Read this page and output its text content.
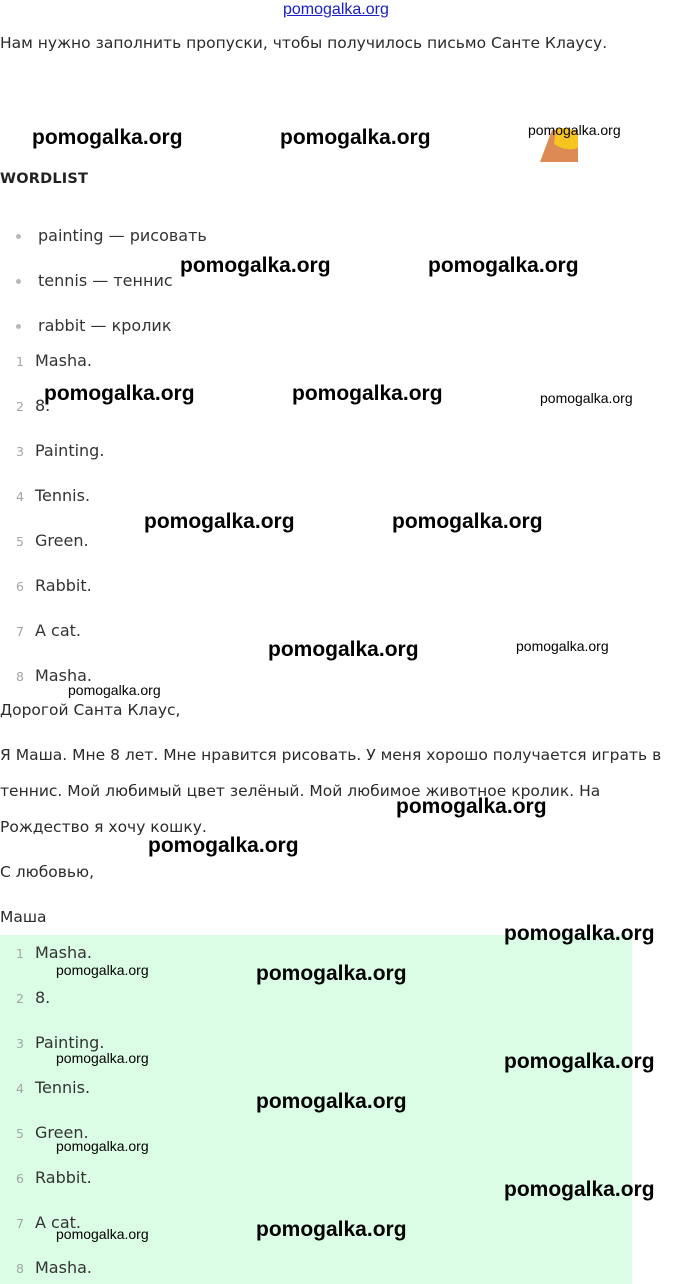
pomogalka.org
Нам нужно заполнить пропуски, чтобы получилось письмо Санте Клаусу.
WORDLIST
painting — рисовать
tennis — теннис
rabbit — кролик
1 Masha.
2 8.
3 Painting.
4 Tennis.
5 Green.
6 Rabbit.
7 A cat.
8 Masha.
Дорогой Санта Клаус,
Я Маша. Мне 8 лет. Мне нравится рисовать. У меня хорошо получается играть в
теннис. Мой любимый цвет зелёный. Мой любимое животное кролик. На
Рождество я хочу кошку.
С любовью,
Маша
1 Masha.
2 8.
3 Painting.
4 Tennis.
5 Green.
6 Rabbit.
7 A cat.
8 Masha.
pomogalka.org	pomogalka.org	pomogalka.org
pomogalka.org	pomogalka.org
pomogalka.org	pomogalka.org	pomogalka.org
pomogalka.org	pomogalka.org
pomogalka.org	pomogalka.org
pomogalka.org
pomogalka.org
pomogalka.org
pomogalka.org
pomogalka.org	pomogalka.org
pomogalka.org	pomogalka.org
pomogalka.org
pomogalka.org
pomogalka.org
pomogalka.org	pomogalka.org
